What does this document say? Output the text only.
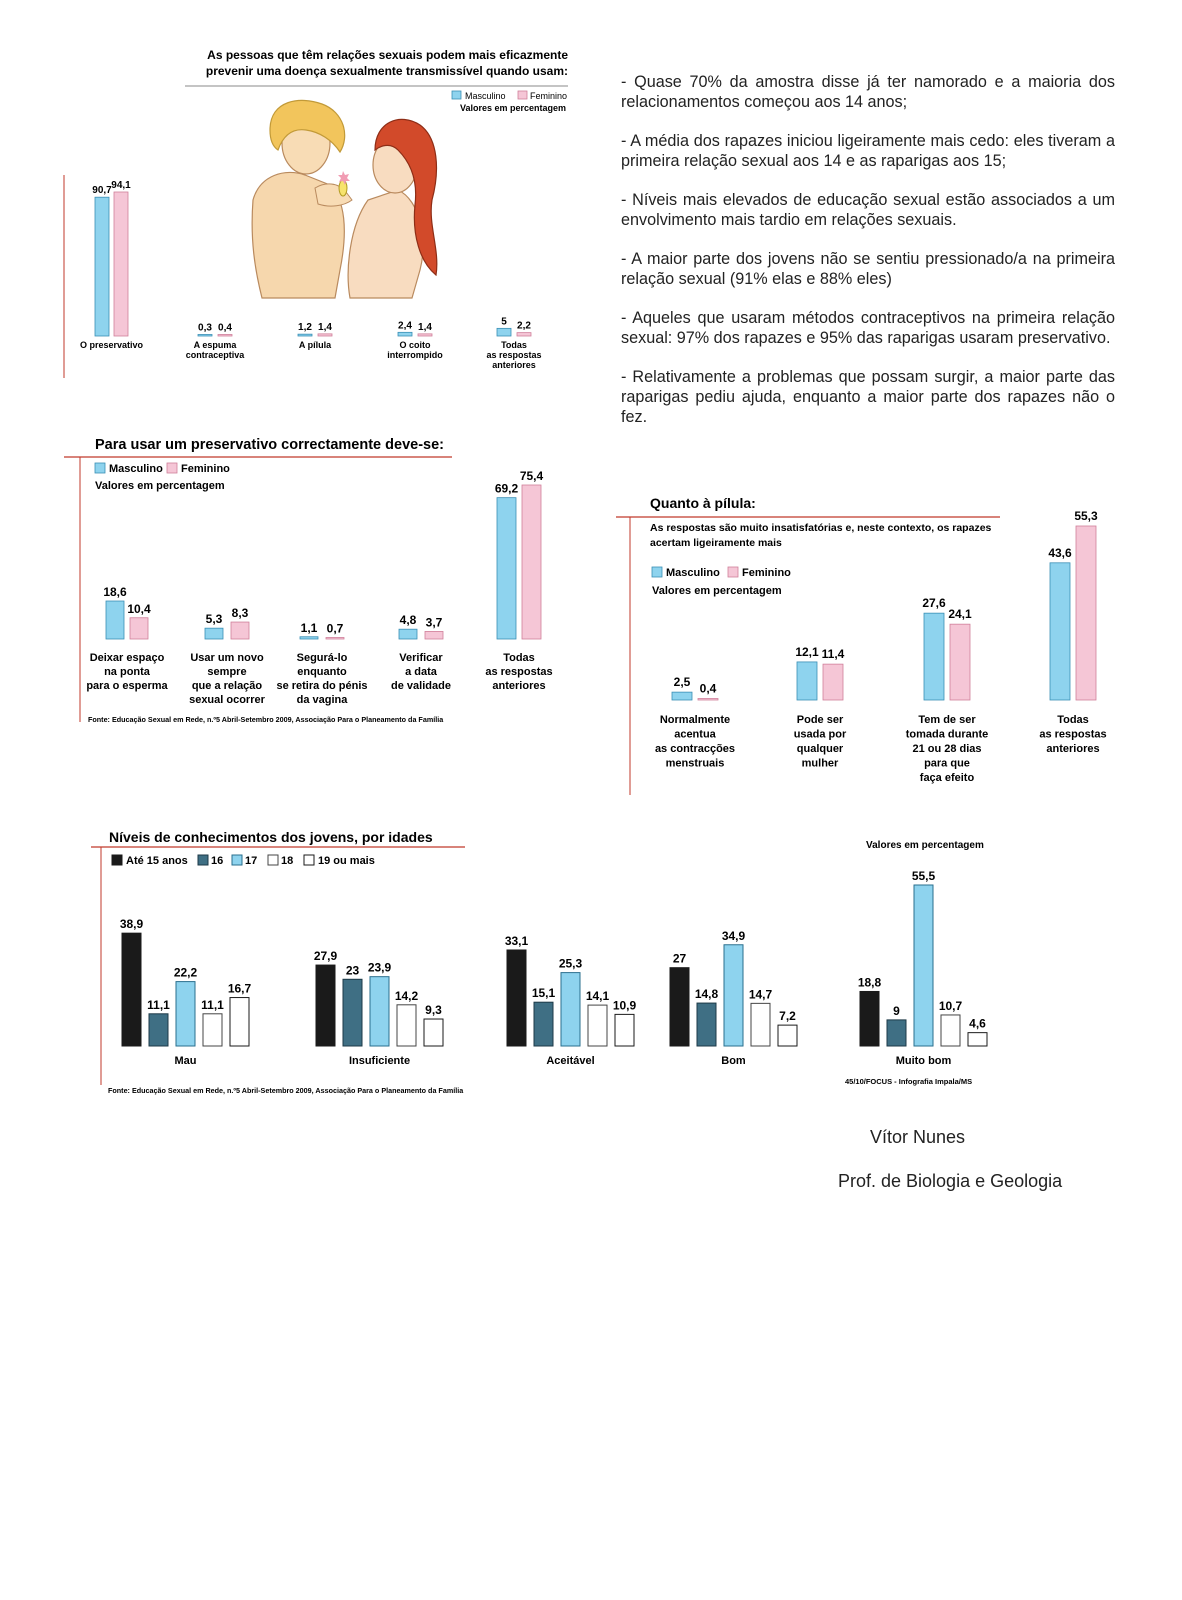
- Quase 70% da amostra disse já ter namorado e a maioria dos relacionamentos começou aos 14 anos;

- A média dos rapazes iniciou ligeiramente mais cedo: eles tiveram a primeira relação sexual aos 14 e as raparigas aos 15;

- Níveis mais elevados de educação sexual estão associados a um envolvimento mais tardio em relações sexuais.

- A maior parte dos jovens não se sentiu pressionado/a na primeira relação sexual (91% elas e 88% eles)

- Aqueles que usaram métodos contraceptivos na primeira relação sexual: 97% dos rapazes e 95% das raparigas usaram preservativo.

- Relativamente a problemas que possam surgir, a maior parte das raparigas pediu ajuda, enquanto a maior parte dos rapazes não o fez.

Vítor Nunes
Prof. de Biologia e Geologia
As pessoas que têm relações sexuais podem mais eficazmente
prevenir uma doença sexualmente transmissível quando usam:
Masculino	Feminino
Valores em percentagem
90,7 94,1
O preservativo
0,3 0,4
A espuma
contraceptiva
1,2 1,4
A pílula
2,4 1,4
O coito
interrompido
5 2,2
Todas
as respostas
anteriores
Para usar um preservativo correctamente deve-se:
Masculino Feminino
Valores em percentagem
18,6
10,4
Deixar espaço
na ponta
para o esperma
5,3 8,3
Usar um novo
sempre
que a relação
sexual ocorrer
1,1 0,7
Segurá-lo
enquanto
se retira do pénis
da vagina
4,8 3,7
Verificar
a data
de validade
69,2
75,4
Todas
as respostas
anteriores
Fonte: Educação Sexual em Rede, n.º5 Abril-Setembro 2009, Associação Para o Planeamento da Família
Quanto à pílula:
As respostas são muito insatisfatórias e, neste contexto, os rapazes
acertam ligeiramente mais
Masculino Feminino
Valores em percentagem
2,5 0,4
Normalmente
acentua
as contracções
menstruais
12,1 11,4
Pode ser
usada por
qualquer
mulher
27,6
24,1
Tem de ser
tomada durante
21 ou 28 dias
para que
faça efeito
43,6
55,3
Todas
as respostas
anteriores
Níveis de conhecimentos dos jovens, por idades
Até 15 anos 16 17 18 19 ou mais
Valores em percentagem
38,9
11,1
22,2
11,1
16,7
Mau
27,9
23 23,9
14,2
9,3
Insuficiente
33,1
15,1
25,3
14,1
10,9
Aceitável
27
14,8
34,9
14,7
7,2
Bom
18,8
9
55,5
10,7
4,6
Muito bom
Fonte: Educação Sexual em Rede, n.º5 Abril-Setembro 2009, Associação Para o Planeamento da Família
45/10/FOCUS - Infografia Impala/MS
